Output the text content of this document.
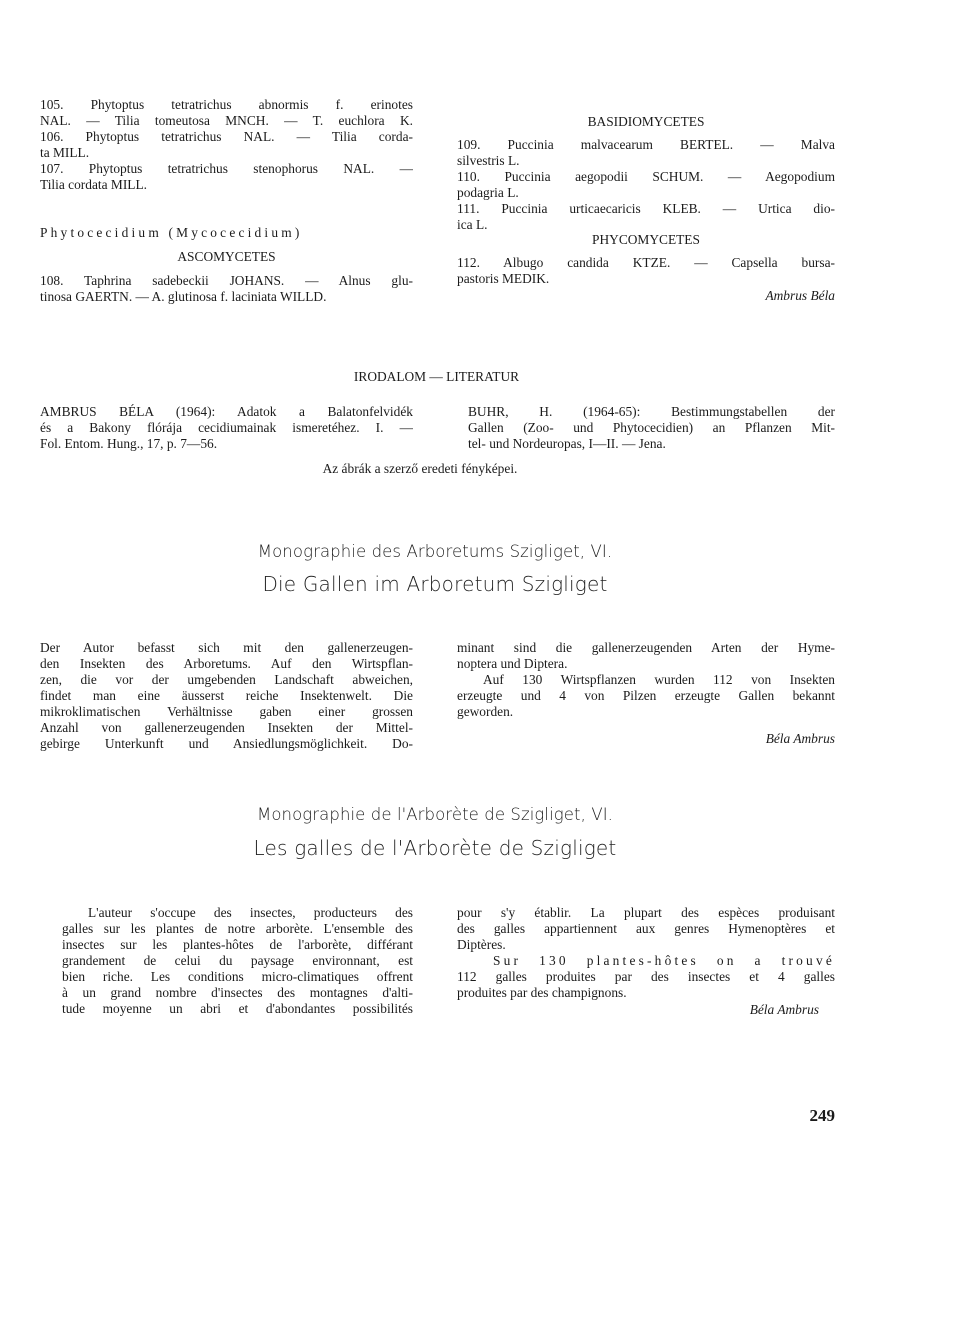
105. Phytoptus tetratrichus abnormis f. erinotes
NAL. — Tilia tomeutosa MNCH. — T. euchlora K.
106. Phytoptus tetratrichus NAL. — Tilia corda-
ta MILL.
107. Phytoptus tetratrichus stenophorus NAL. —
Tilia cordata MILL.
Phytocecidium (Mycocecidium)
ASCOMYCETES
108. Taphrina sadebeckii JOHANS. — Alnus glu-
tinosa GAERTN. — A. glutinosa f. laciniata WILLD.
BASIDIOMYCETES
109. Puccinia malvacearum BERTEL. — Malva
silvestris L.
110. Puccinia aegopodii SCHUM. — Aegopodium
podagria L.
111. Puccinia urticaecaricis KLEB. — Urtica dio-
ica L.
PHYCOMYCETES
112. Albugo candida KTZE. — Capsella bursa-
pastoris MEDIK.
Ambrus Béla
IRODALOM — LITERATUR
AMBRUS BÉLA (1964): Adatok a Balatonfelvidék
és a Bakony flórája cecidiumainak ismeretéhez. I. —
Fol. Entom. Hung., 17, p. 7—56.
BUHR, H. (1964-65): Bestimmungstabellen der
Gallen (Zoo- und Phytocecidien) an Pflanzen Mit-
tel- und Nordeuropas, I—II. — Jena.
Az ábrák a szerző eredeti fényképei.
Monographie des Arboretums Szigliget, VI.
Die Gallen im Arboretum Szigliget
Der Autor befasst sich mit den gallenerzeugen-
den Insekten des Arboretums. Auf den Wirtspflan-
zen, die vor der umgebenden Landschaft abweichen,
findet man eine äusserst reiche Insektenwelt. Die
mikroklimatischen Verhältnisse gaben einer grossen
Anzahl von gallenerzeugenden Insekten der Mittel-
gebirge Unterkunft und Ansiedlungsmöglichkeit. Do-
minant sind die gallenerzeugenden Arten der Hyme-
noptera und Diptera.
Auf 130 Wirtspflanzen wurden 112 von Insekten
erzeugte und 4 von Pilzen erzeugte Gallen bekannt
geworden.
Béla Ambrus
Monographie de l'Arborète de Szigliget, VI.
Les galles de l'Arborète de Szigliget
L'auteur s'occupe des insectes, producteurs des
galles sur les plantes de notre arborète. L'ensemble des
insectes sur les plantes-hôtes de l'arborète, différant
grandement de celui du paysage environnant, est
bien riche. Les conditions micro-climatiques offrent
à un grand nombre d'insectes des montagnes d'alti-
tude moyenne un abri et d'abondantes possibilités
pour s'y établir. La plupart des espèces produisant
des galles appartiennent aux genres Hymenoptères et
Diptères.
Sur 130 plantes-hôtes on a trouvé
112 galles produites par des insectes et 4 galles
produites par des champignons.
Béla Ambrus
249
